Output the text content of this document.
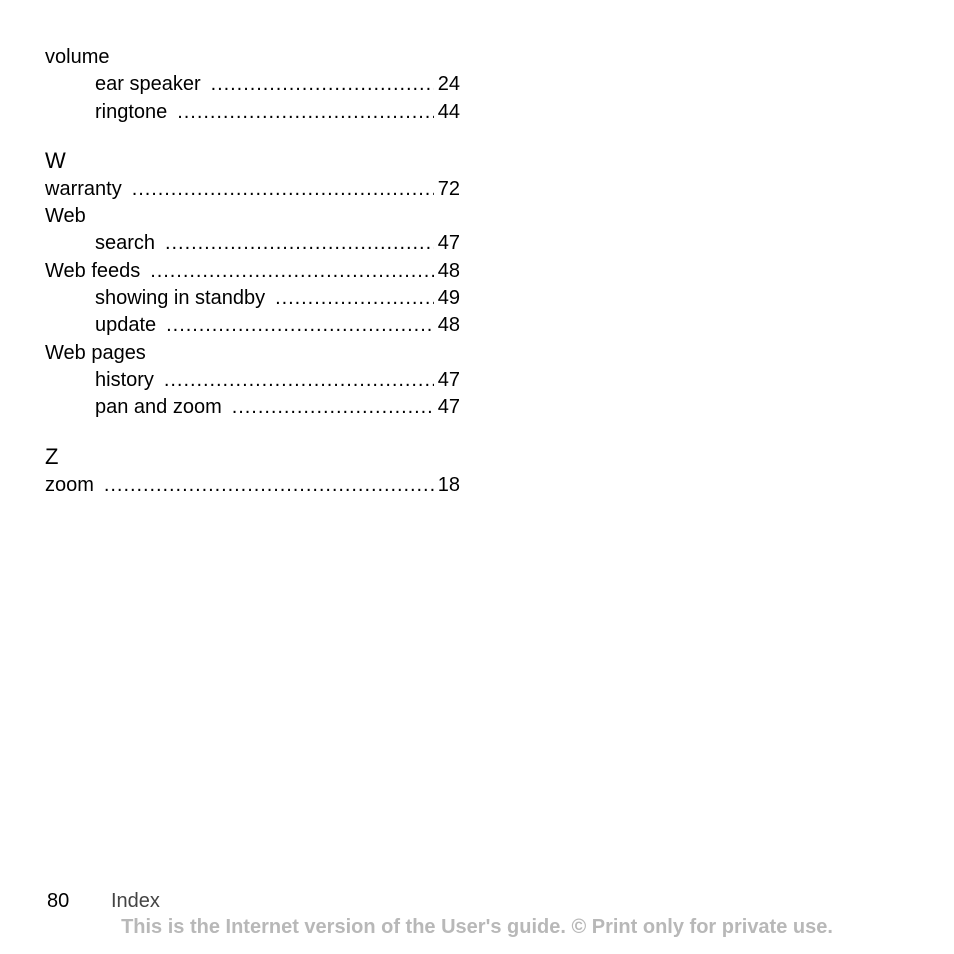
volume
ear speaker . . .	24
ringtone . . .	44
W
warranty . . .	72
Web
search . . .	47
Web feeds . . .	48
showing in standby . . .	49
update . . .	48
Web pages
history . . .	47
pan and zoom . . .	47
Z
zoom . . .	18
80 Index
This is the Internet version of the User's guide. © Print only for private use.
